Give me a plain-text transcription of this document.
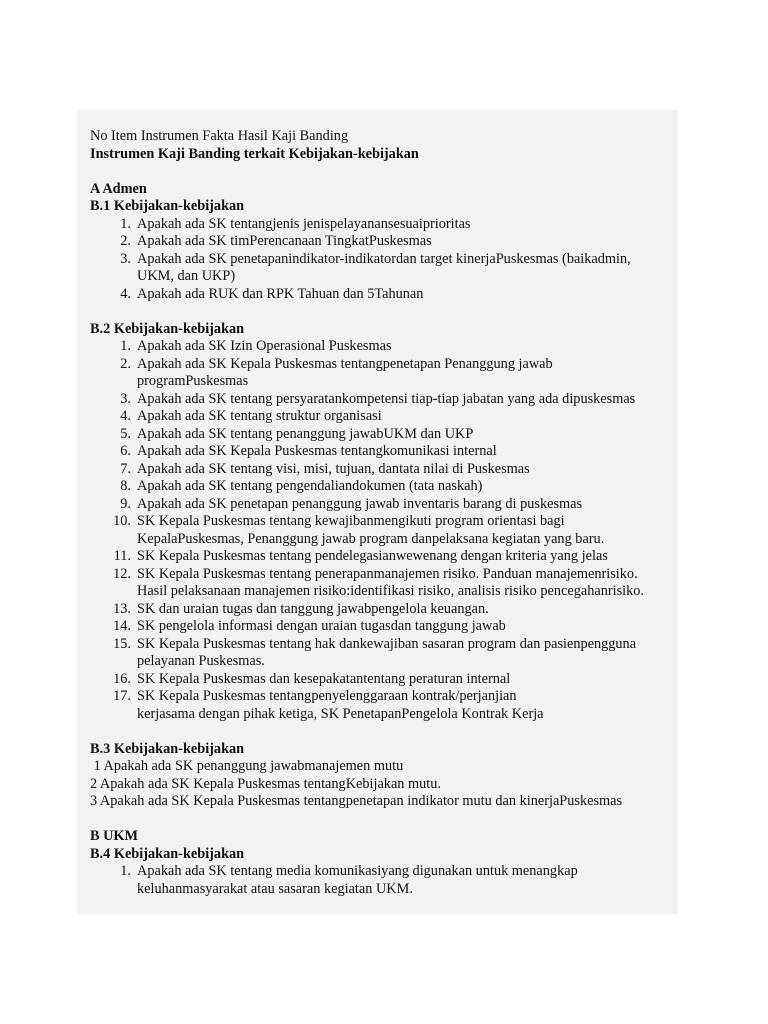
No Item Instrumen Fakta Hasil Kaji Banding

Instrumen Kaji Banding terkait Kebijakan-kebijakan

A Admen

B.1 Kebijakan-kebijakan

1. Apakah ada SK tentangjenis jenispelayanansesuaiprioritas
2. Apakah ada SK timPerencanaan TingkatPuskesmas
3. Apakah ada SK penetapanindikator-indikatordan target kinerjaPuskesmas (baikadmin,
UKM, dan UKP)
4. Apakah ada RUK dan RPK Tahuan dan 5Tahunan

B.2 Kebijakan-kebijakan

1. Apakah ada SK Izin Operasional Puskesmas
2. Apakah ada SK Kepala Puskesmas tentangpenetapan Penanggung jawab
programPuskesmas
3. Apakah ada SK tentang persyaratankompetensi tiap-tiap jabatan yang ada dipuskesmas
4. Apakah ada SK tentang struktur organisasi
5. Apakah ada SK tentang penanggung jawabUKM dan UKP
6. Apakah ada SK Kepala Puskesmas tentangkomunikasi internal
7. Apakah ada SK tentang visi, misi, tujuan, dantata nilai di Puskesmas
8. Apakah ada SK tentang pengendaliandokumen (tata naskah)
9. Apakah ada SK penetapan penanggung jawab inventaris barang di puskesmas
10. SK Kepala Puskesmas tentang kewajibanmengikuti program orientasi bagi
KepalaPuskesmas, Penanggung jawab program danpelaksana kegiatan yang baru.
11. SK Kepala Puskesmas tentang pendelegasianwewenang dengan kriteria yang jelas
12. SK Kepala Puskesmas tentang penerapanmanajemen risiko. Panduan manajemenrisiko.
Hasil pelaksanaan manajemen risiko:identifikasi risiko, analisis risiko pencegahanrisiko.
13. SK dan uraian tugas dan tanggung jawabpengelola keuangan.
14. SK pengelola informasi dengan uraian tugasdan tanggung jawab
15. SK Kepala Puskesmas tentang hak dankewajiban sasaran program dan pasienpengguna
pelayanan Puskesmas.
16. SK Kepala Puskesmas dan kesepakatantentang peraturan internal
17. SK Kepala Puskesmas tentangpenyelenggaraan kontrak/perjanjian
kerjasama dengan pihak ketiga, SK PenetapanPengelola Kontrak Kerja

B.3 Kebijakan-kebijakan

1 Apakah ada SK penanggung jawabmanajemen mutu

2 Apakah ada SK Kepala Puskesmas tentangKebijakan mutu.

3 Apakah ada SK Kepala Puskesmas tentangpenetapan indikator mutu dan kinerjaPuskesmas

B UKM

B.4 Kebijakan-kebijakan

1. Apakah ada SK tentang media komunikasiyang digunakan untuk menangkap
keluhanmasyarakat atau sasaran kegiatan UKM.
